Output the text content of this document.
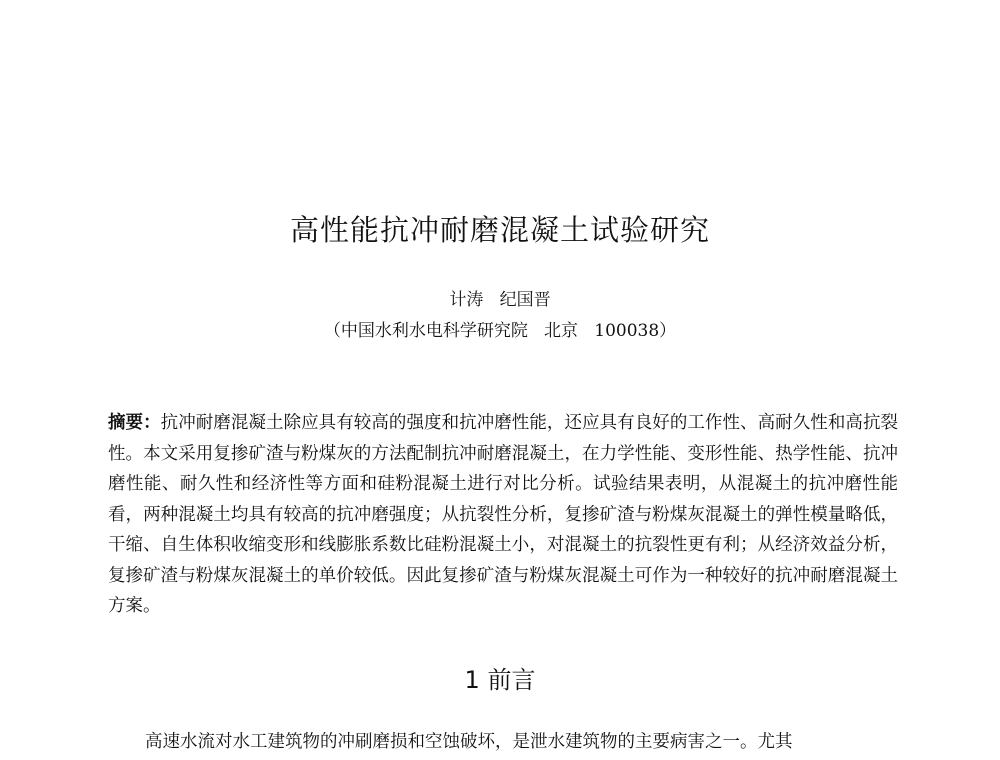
高性能抗冲耐磨混凝土试验研究

计涛   纪国晋

（中国水利水电科学研究院   北京   100038）

摘要：抗冲耐磨混凝土除应具有较高的强度和抗冲磨性能，还应具有良好的工作性、高耐久性和高抗裂性。本文采用复掺矿渣与粉煤灰的方法配制抗冲耐磨混凝土，在力学性能、变形性能、热学性能、抗冲磨性能、耐久性和经济性等方面和硅粉混凝土进行对比分析。试验结果表明，从混凝土的抗冲磨性能看，两种混凝土均具有较高的抗冲磨强度；从抗裂性分析，复掺矿渣与粉煤灰混凝土的弹性模量略低，干缩、自生体积收缩变形和线膨胀系数比硅粉混凝土小，对混凝土的抗裂性更有利；从经济效益分析，复掺矿渣与粉煤灰混凝土的单价较低。因此复掺矿渣与粉煤灰混凝土可作为一种较好的抗冲耐磨混凝土方案。

1 前言

高速水流对水工建筑物的冲刷磨损和空蚀破坏，是泄水建筑物的主要病害之一。尤其
